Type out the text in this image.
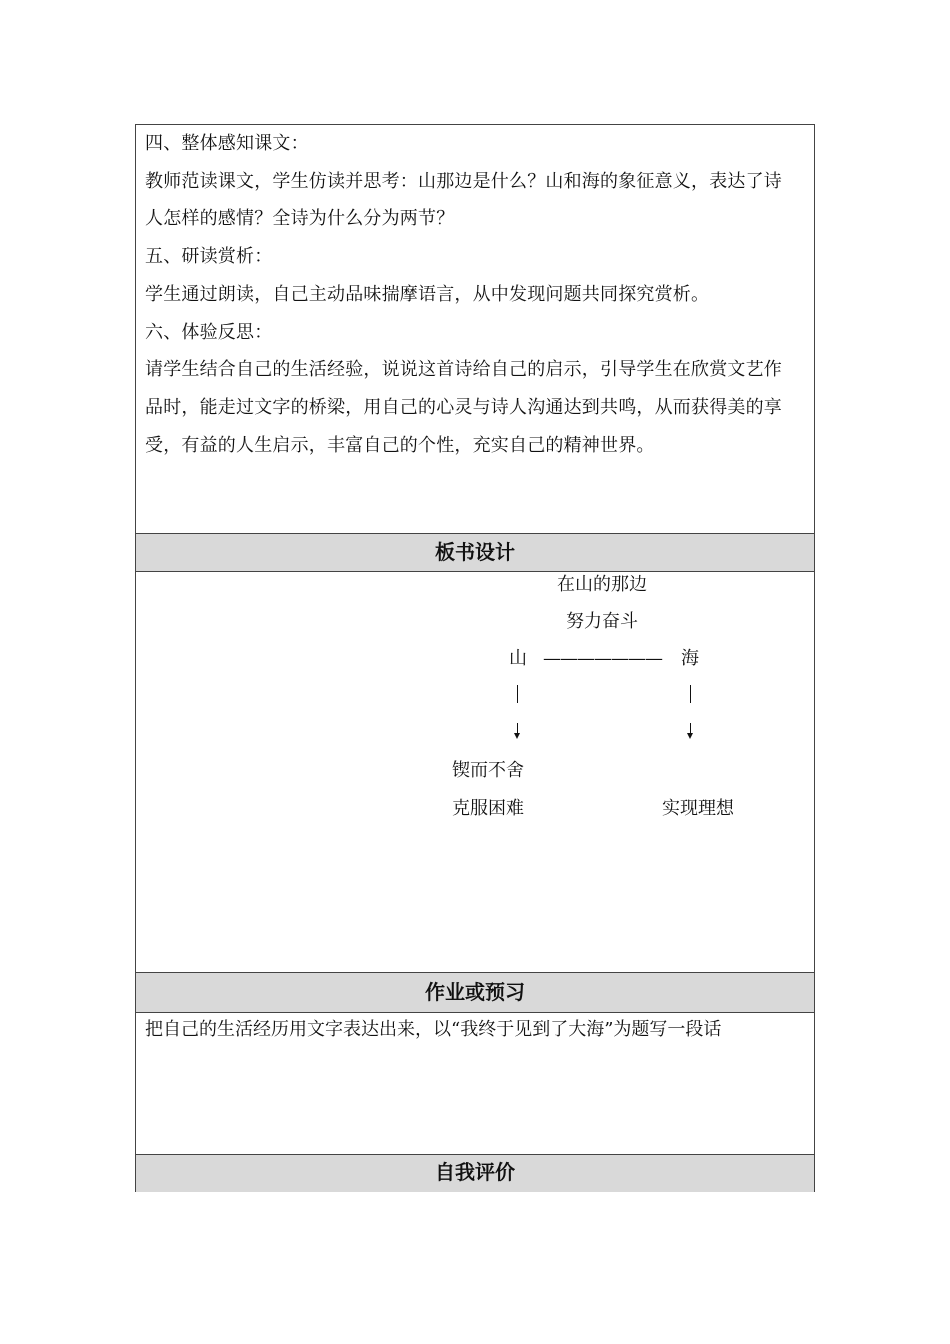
四、整体感知课文：

教师范读课文，学生仿读并思考：山那边是什么？山和海的象征意义，表达了诗

人怎样的感情？全诗为什么分为两节？

五、研读赏析：

学生通过朗读，自己主动品味揣摩语言，从中发现问题共同探究赏析。

六、体验反思：

请学生结合自己的生活经验，说说这首诗给自己的启示，引导学生在欣赏文艺作

品时，能走过文字的桥梁，用自己的心灵与诗人沟通达到共鸣，从而获得美的享

受，有益的人生启示，丰富自己的个性，充实自己的精神世界。

板书设计
在山的那边
努力奋斗
山 ——————— 海
锲而不舍
克服困难	实现理想
作业或预习
把自己的生活经历用文字表达出来，以“我终于见到了大海”为题写一段话
自我评价
